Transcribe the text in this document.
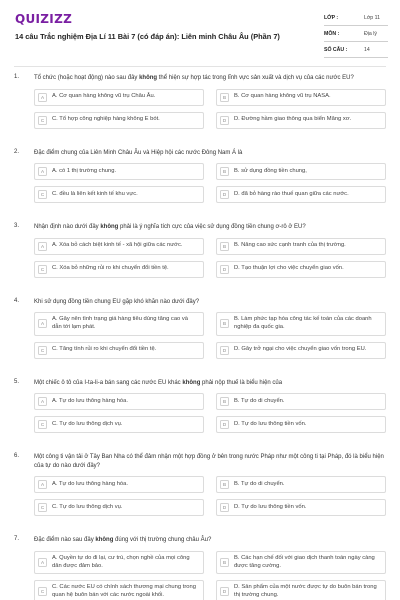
QUIZIZZ
14 câu Trắc nghiệm Địa Lí 11 Bài 7 (có đáp án): Liên minh Châu Âu (Phần 7)
LỚP :	Lớp 11
MÔN :	Địa lý
SỐ CÂU :	14
1. Tổ chức (hoặc hoạt động) nào sau đây không thể hiện sự hợp tác trong lĩnh vực sản xuất và dịch vụ của các nước EU?
A	A. Cơ quan hàng không vũ trụ Châu Âu.	B	B. Cơ quan hàng không vũ trụ NASA.
C	C. Tổ hợp công nghiệp hàng không E bót.	D	D. Đường hầm giao thông qua biển Măng xơ.
2. Đặc điểm chung của Liên Minh Châu Âu và Hiệp hội các nước Đông Nam Á là
A	A. có 1 thị trường chung.	B	B. sử dụng đồng tiền chung,
C	C. đều là liên kết kinh tế khu vực.	D	D. đã bỏ hàng rào thuế quan giữa các nước.
3. Nhận định nào dưới đây không phải là ý nghĩa tích cực của việc sử dụng đồng tiền chung ơ-rô ở EU?
A	A. Xóa bỏ cách biệt kinh tế - xã hội giữa các nước.	B	B. Nâng cao sức cạnh tranh của thị trường.
C	C. Xóa bỏ những rủi ro khi chuyển đổi tiền tệ.	D	D. Tạo thuận lợi cho việc chuyển giao vốn.
4. Khi sử dụng đồng tiền chung EU gặp khó khăn nào dưới đây?
A
A. Gây nên tình trạng giá hàng tiêu dùng tăng cao và dẫn tới lạm phát.	B
B. Làm phức tạp hóa công tác kế toán của các doanh nghiệp đa quốc gia.
C	C. Tăng tính rủi ro khi chuyển đổi tiền tệ.	D	D. Gây trở ngại cho việc chuyển giao vốn trong EU.
5. Một chiếc ô tô của I-ta-li-a bán sang các nước EU khác không phải nộp thuế là biểu hiện của
A	A. Tự do lưu thông hàng hóa.	B	B. Tự do di chuyển.
C	C. Tự do lưu thông dịch vụ.	D	D. Tự do lưu thông tiền vốn.
6. Một công ti vận tải ở Tây Ban Nha có thể đảm nhận một hợp đồng ở bên trong nước Pháp như một công ti tại Pháp, đó là biểu hiện của tự do nào dưới đây?
A	A. Tự do lưu thông hàng hóa.	B	B. Tự do di chuyển.
C	C. Tự do lưu thông dịch vụ.	D	D. Tự do lưu thông tiền vốn.
7. Đặc điểm nào sau đây không đúng với thị trường chung châu Âu?
A
A. Quyền tự do đi lại, cư trú, chọn nghề của mọi công dân được đảm bảo.	B
B. Các hạn chế đối với giao dịch thanh toán ngày càng được tăng cường.
C
C. Các nước EU có chính sách thương mại chung trong quan hệ buôn bán với các nước ngoài khối.	D
D. Sản phẩm của một nước được tự do buôn bán trong thị trường chung.
